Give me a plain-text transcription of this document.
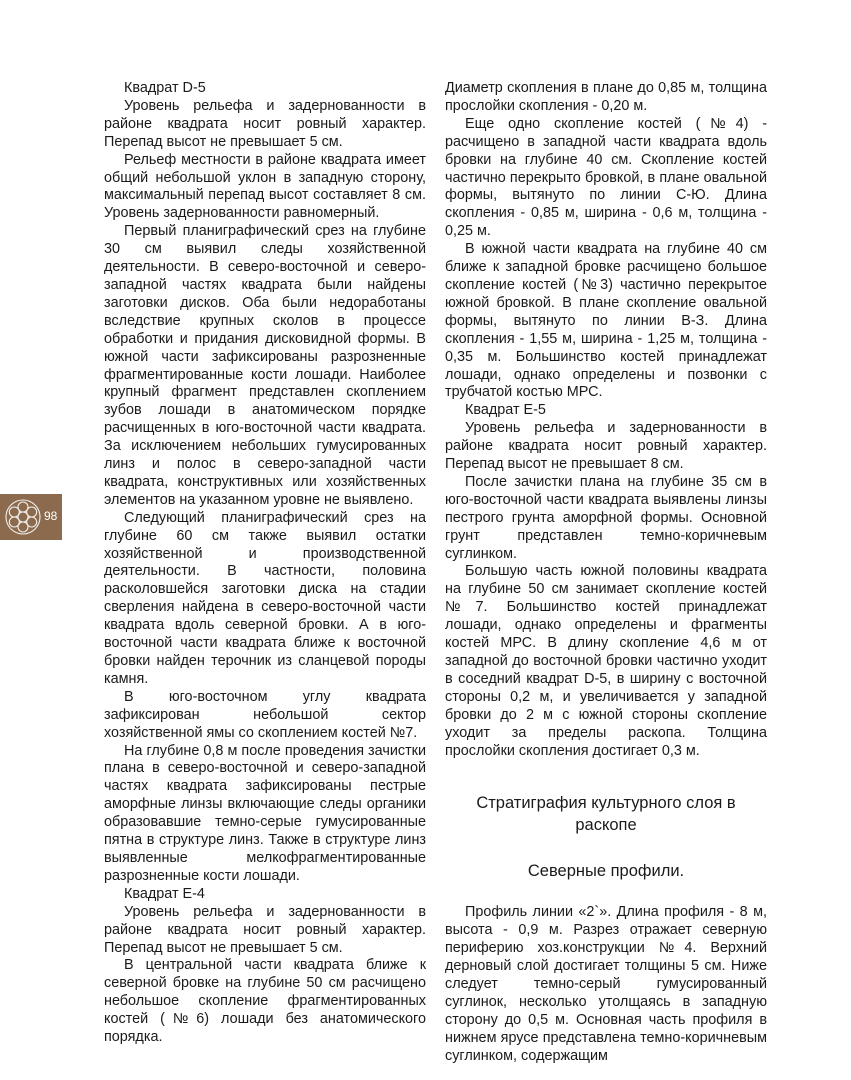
98

Квадрат D-5

Уровень рельефа и задернованности в районе квадрата носит ровный характер. Перепад высот не превышает 5 см.

Рельеф местности в районе квадрата имеет общий небольшой уклон в западную сторону, максимальный перепад высот составляет 8 см. Уровень задернованности равномерный.

Первый планиграфический срез на глубине 30 см выявил следы хозяйственной деятельности. В северо-восточной и северо-западной частях квадрата были найдены заготовки дисков. Оба были недоработаны вследствие крупных сколов в процессе обработки и придания дисковидной формы. В южной части зафиксированы разрозненные фрагментированные кости лошади. Наиболее крупный фрагмент представлен скоплением зубов лошади в анатомическом порядке расчищенных в юго-восточной части квадрата. За исключением небольших гумусированных линз и полос в северо-западной части квадрата, конструктивных или хозяйственных элементов на указанном уровне не выявлено.

Следующий планиграфический срез на глубине 60 см также выявил остатки хозяйственной и производственной деятельности. В частности, половина расколовшейся заготовки диска на стадии сверления найдена в северо-восточной части квадрата вдоль северной бровки. А в юго-восточной части квадрата ближе к восточной бровки найден терочник из сланцевой породы камня.

В юго-восточном углу квадрата зафиксирован небольшой сектор хозяйственной ямы со скоплением костей №7.

На глубине 0,8 м после проведения зачистки плана в северо-восточной и северо-западной частях квадрата зафиксированы пестрые аморфные линзы включающие следы органики образовавшие темно-серые гумусированные пятна в структуре линз. Также в структуре линз выявленные мелкофрагментированные разрозненные кости лошади.

Квадрат Е-4

Уровень рельефа и задернованности в районе квадрата носит ровный характер. Перепад высот не превышает 5 см.

В центральной части квадрата ближе к северной бровке на глубине 50 см расчищено небольшое скопление фрагментированных костей (№6) лошади без анатомического порядка.

Диаметр скопления в плане до 0,85 м, толщина прослойки скопления - 0,20 м.

Еще одно скопление костей (№4) - расчищено в западной части квадрата вдоль бровки на глубине 40 см. Скопление костей частично перекрыто бровкой, в плане овальной формы, вытянуто по линии С-Ю. Длина скопления - 0,85 м, ширина - 0,6 м, толщина - 0,25 м.

В южной части квадрата на глубине 40 см ближе к западной бровке расчищено большое скопление костей (№3) частично перекрытое южной бровкой. В плане скопление овальной формы, вытянуто по линии В-З. Длина скопления - 1,55 м, ширина - 1,25 м, толщина - 0,35 м. Большинство костей принадлежат лошади, однако определены и позвонки с трубчатой костью МРС.

Квадрат Е-5

Уровень рельефа и задернованности в районе квадрата носит ровный характер. Перепад высот не превышает 8 см.

После зачистки плана на глубине 35 см в юго-восточной части квадрата выявлены линзы пестрого грунта аморфной формы. Основной грунт представлен темно-коричневым суглинком.

Большую часть южной половины квадрата на глубине 50 см занимает скопление костей №7. Большинство костей принадлежат лошади, однако определены и фрагменты костей МРС. В длину скопление 4,6 м от западной до восточной бровки частично уходит в соседний квадрат D-5, в ширину с восточной стороны 0,2 м, и увеличивается у западной бровки до 2 м с южной стороны скопление уходит за пределы раскопа. Толщина прослойки скопления достигает 0,3 м.

Стратиграфия культурного слоя в раскопе

Северные профили.

Профиль линии «2`». Длина профиля - 8 м, высота - 0,9 м. Разрез отражает северную периферию хоз.конструкции №4. Верхний дерновый слой достигает толщины 5 см. Ниже следует темно-серый гумусированный суглинок, несколько утолщаясь в западную сторону до 0,5 м. Основная часть профиля в нижнем ярусе представлена темно-коричневым суглинком, содержащим
